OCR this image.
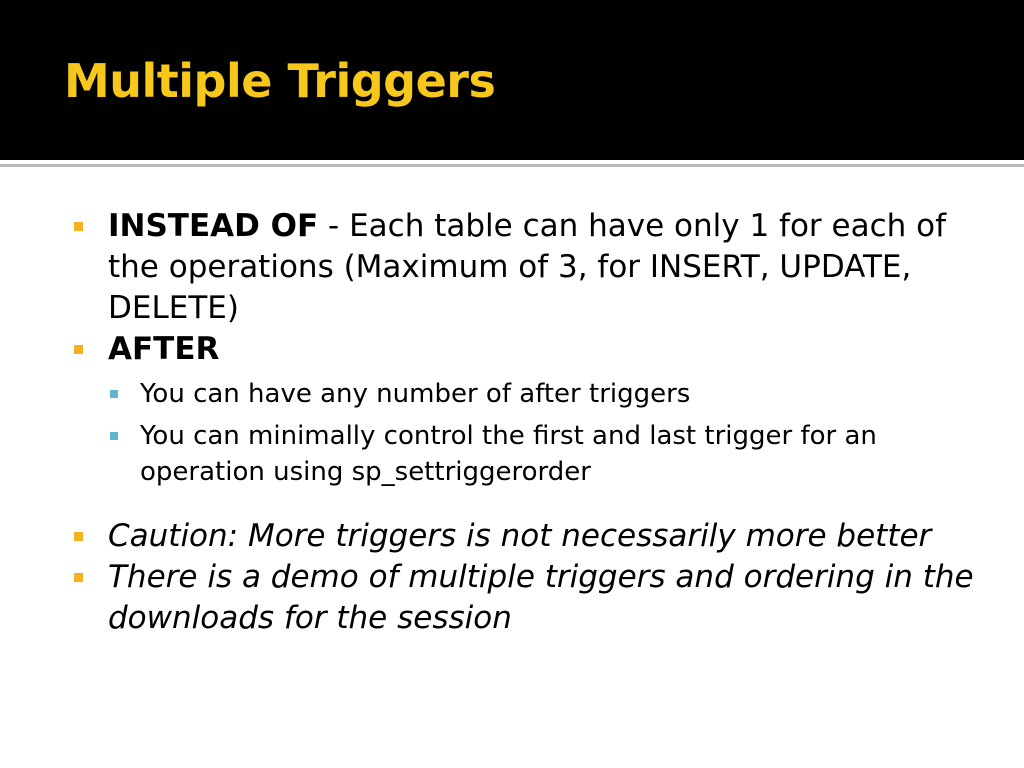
Multiple Triggers

INSTEAD OF - Each table can have only 1 for each of the operations (Maximum of 3, for INSERT, UPDATE, DELETE)

AFTER

You can have any number of after triggers

You can minimally control the first and last trigger for an operation using sp_settriggerorder

Caution: More triggers is not necessarily more better

There is a demo of multiple triggers and ordering in the downloads for the session
